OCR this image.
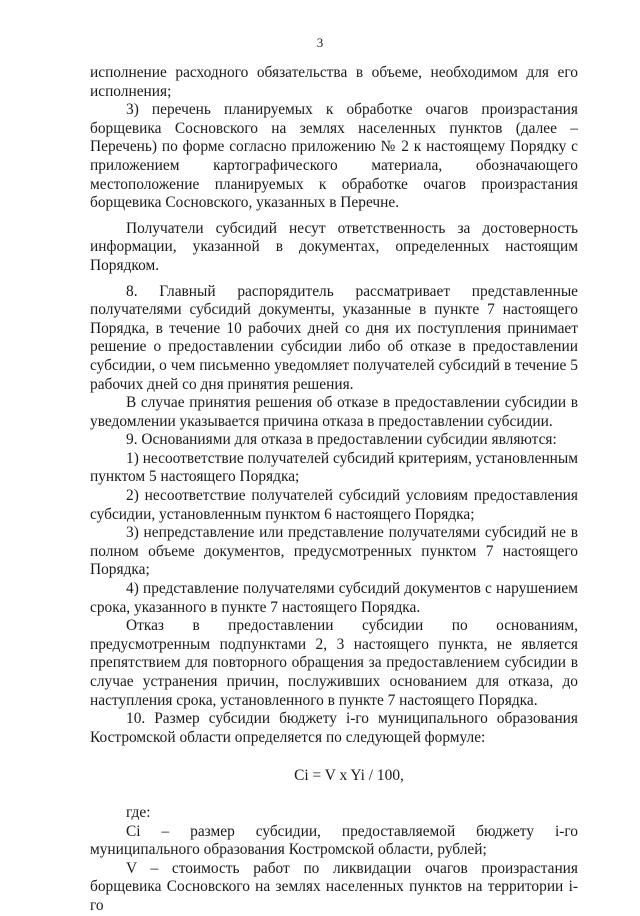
3

исполнение расходного обязательства в объеме, необходимом для его исполнения;

3) перечень планируемых к обработке очагов произрастания борщевика Сосновского на землях населенных пунктов (далее – Перечень) по форме согласно приложению № 2 к настоящему Порядку с приложением картографического материала, обозначающего местоположение планируемых к обработке очагов произрастания борщевика Сосновского, указанных в Перечне.

Получатели субсидий несут ответственность за достоверность информации, указанной в документах, определенных настоящим Порядком.

8. Главный распорядитель рассматривает представленные получателями субсидий документы, указанные в пункте 7 настоящего Порядка, в течение 10 рабочих дней со дня их поступления принимает решение о предоставлении субсидии либо об отказе в предоставлении субсидии, о чем письменно уведомляет получателей субсидий в течение 5 рабочих дней со дня принятия решения.

В случае принятия решения об отказе в предоставлении субсидии в уведомлении указывается причина отказа в предоставлении субсидии.

9. Основаниями для отказа в предоставлении субсидии являются:

1) несоответствие получателей субсидий критериям, установленным пунктом 5 настоящего Порядка;

2) несоответствие получателей субсидий условиям предоставления субсидии, установленным пунктом 6 настоящего Порядка;

3) непредставление или представление получателями субсидий не в полном объеме документов, предусмотренных пунктом 7 настоящего Порядка;

4) представление получателями субсидий документов с нарушением срока, указанного в пункте 7 настоящего Порядка.

Отказ в предоставлении субсидии по основаниям, предусмотренным подпунктами 2, 3 настоящего пункта, не является препятствием для повторного обращения за предоставлением субсидии в случае устранения причин, послуживших основанием для отказа, до наступления срока, установленного в пункте 7 настоящего Порядка.

10. Размер субсидии бюджету i-го муниципального образования Костромской области определяется по следующей формуле:

Ci = V x Yi / 100,

где:

Ci – размер субсидии, предоставляемой бюджету i-го муниципального образования Костромской области, рублей;

V – стоимость работ по ликвидации очагов произрастания борщевика Сосновского на землях населенных пунктов на территории i-го
